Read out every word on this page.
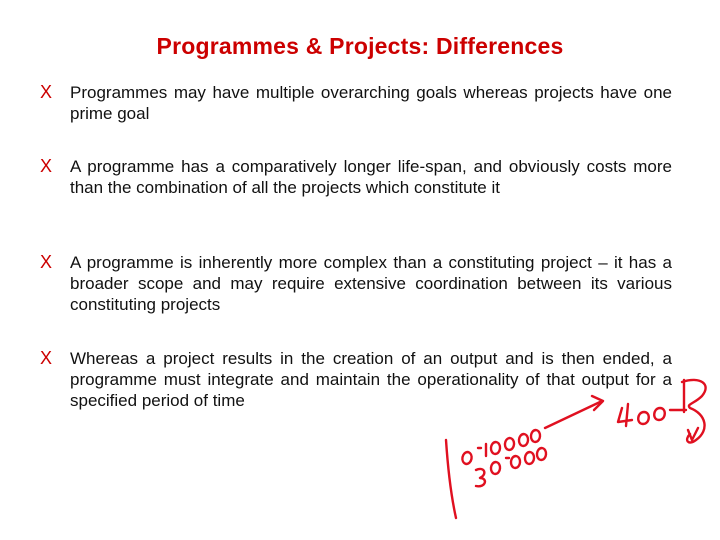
Programmes & Projects: Differences
X	Programmes may have multiple overarching goals whereas projects have one prime goal
X	A programme has a comparatively longer life-span, and obviously costs more than the combination of all the projects which constitute it
X	A programme is inherently more complex than a constituting project – it has a broader scope and may require extensive coordination between its various constituting projects
X	Whereas a project results in the creation of an output and is then ended, a programme must integrate and maintain the operationality of that output for a specified period of time
